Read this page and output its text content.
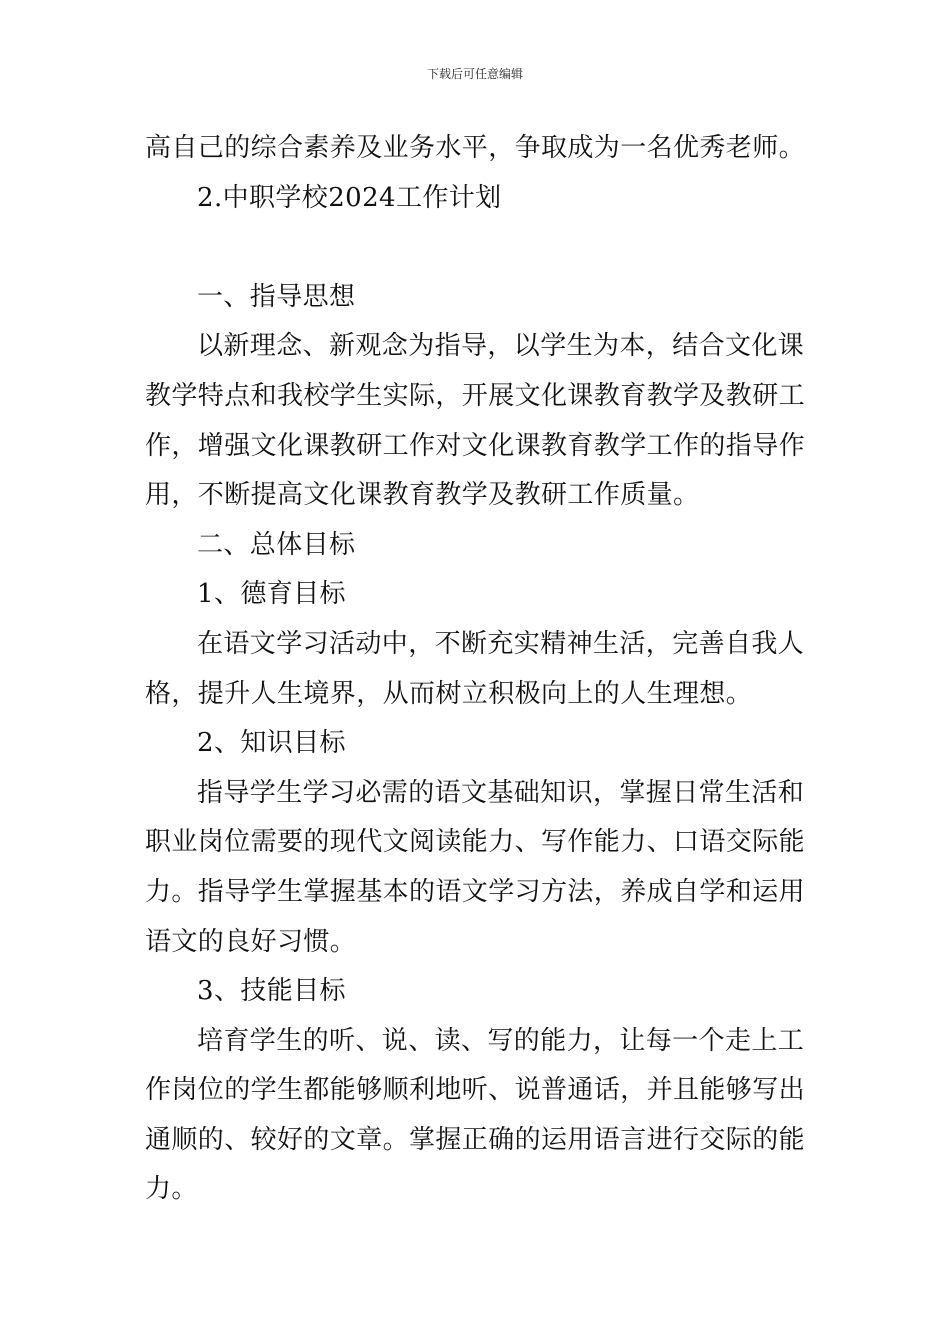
下载后可任意编辑
高自己的综合素养及业务水平，争取成为一名优秀老师。
2.中职学校2024工作计划
一、指导思想
以新理念、新观念为指导，以学生为本，结合文化课
教学特点和我校学生实际，开展文化课教育教学及教研工
作，增强文化课教研工作对文化课教育教学工作的指导作
用，不断提高文化课教育教学及教研工作质量。
二、总体目标
1、德育目标
在语文学习活动中，不断充实精神生活，完善自我人
格，提升人生境界，从而树立积极向上的人生理想。
2、知识目标
指导学生学习必需的语文基础知识，掌握日常生活和
职业岗位需要的现代文阅读能力、写作能力、口语交际能
力。指导学生掌握基本的语文学习方法，养成自学和运用
语文的良好习惯。
3、技能目标
培育学生的听、说、读、写的能力，让每一个走上工
作岗位的学生都能够顺利地听、说普通话，并且能够写出
通顺的、较好的文章。掌握正确的运用语言进行交际的能
力。
